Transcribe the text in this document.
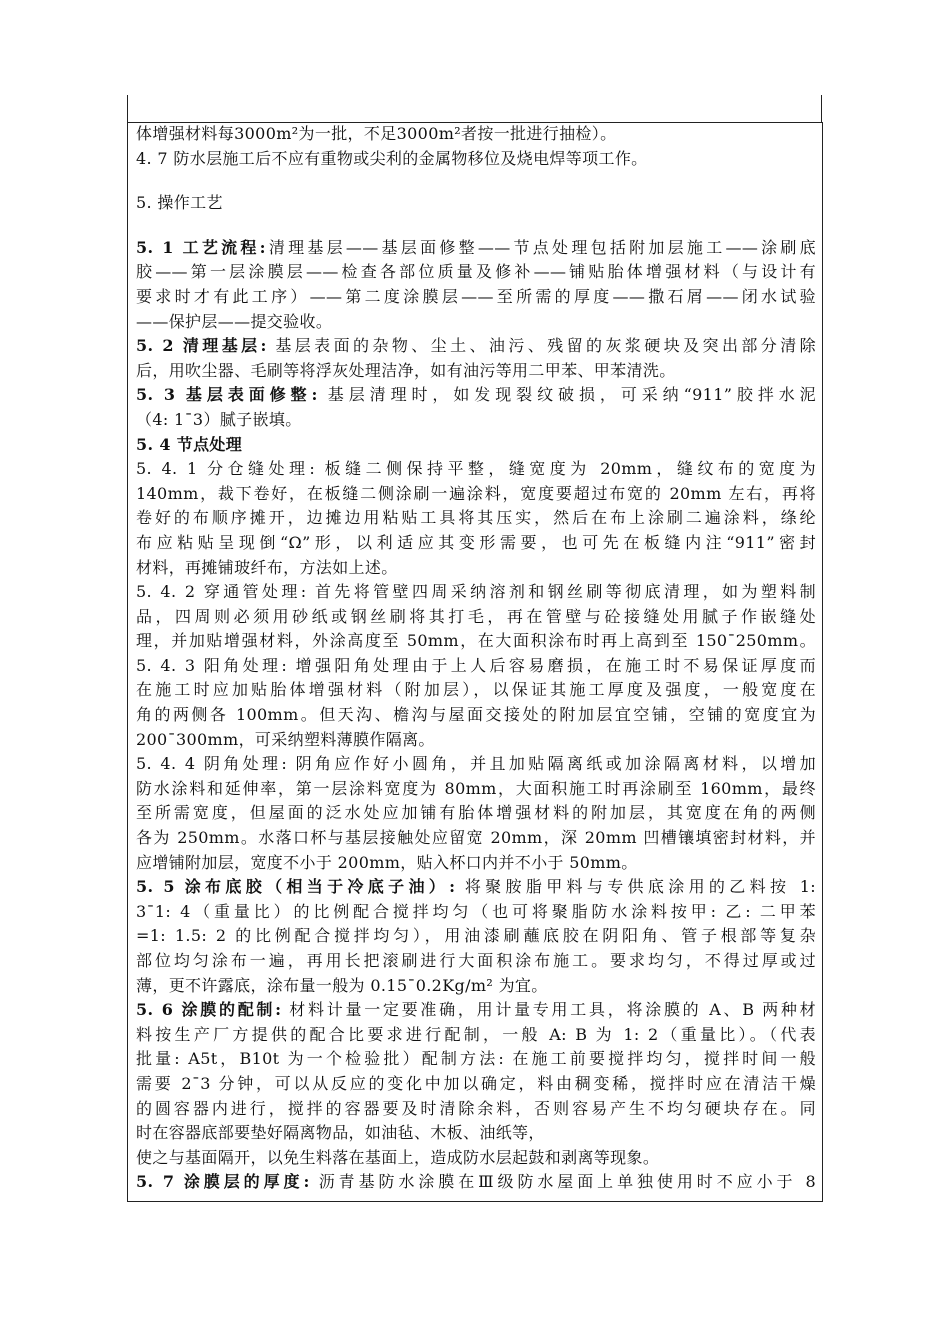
体增强材料每3000m²为一批，不足3000m²者按一批进行抽检）。
4. 7 防水层施工后不应有重物或尖利的金属物移位及烧电焊等项工作。
5. 操作工艺
5. 1 工艺流程:清理基层——基层面修整——节点处理包括附加层施工——涂刷底
胶——第一层涂膜层——检查各部位质量及修补——铺贴胎体增强材料（与设计有
要求时才有此工序）——第二度涂膜层——至所需的厚度——撒石屑——闭水试验
——保护层——提交验收。
5. 2 清理基层: 基层表面的杂物、尘土、油污、残留的灰浆硬块及突出部分清除
后，用吹尘器、毛刷等将浮灰处理洁净，如有油污等用二甲苯、甲苯清洗。
5. 3 基层表面修整: 基层清理时，如发现裂纹破损，可采纳“911”胶拌水泥
（4: 1¯3）腻子嵌填。
5. 4 节点处理
5. 4. 1 分仓缝处理: 板缝二侧保持平整，缝宽度为 20mm，缝纹布的宽度为
140mm，裁下卷好，在板缝二侧涂刷一遍涂料，宽度要超过布宽的 20mm 左右，再将
卷好的布顺序摊开，边摊边用粘贴工具将其压实，然后在布上涂刷二遍涂料，绦纶
布应粘贴呈现倒“Ω”形，以利适应其变形需要，也可先在板缝内注“911”密封
材料，再摊铺玻纤布，方法如上述。
5. 4. 2 穿通管处理: 首先将管壁四周采纳溶剂和钢丝刷等彻底清理，如为塑料制
品，四周则必须用砂纸或钢丝刷将其打毛，再在管壁与砼接缝处用腻子作嵌缝处
理，并加贴增强材料，外涂高度至 50mm，在大面积涂布时再上高到至 150¯250mm。
5. 4. 3 阳角处理: 增强阳角处理由于上人后容易磨损，在施工时不易保证厚度而
在施工时应加贴胎体增强材料（附加层），以保证其施工厚度及强度，一般宽度在
角的两侧各 100mm。但天沟、檐沟与屋面交接处的附加层宜空铺，空铺的宽度宜为
200¯300mm，可采纳塑料薄膜作隔离。
5. 4. 4 阴角处理: 阴角应作好小圆角，并且加贴隔离纸或加涂隔离材料，以增加
防水涂料和延伸率，第一层涂料宽度为 80mm，大面积施工时再涂刷至 160mm，最终
至所需宽度，但屋面的泛水处应加铺有胎体增强材料的附加层，其宽度在角的两侧
各为 250mm。水落口杯与基层接触处应留宽 20mm，深 20mm 凹槽镶填密封材料，并
应增铺附加层，宽度不小于 200mm，贴入杯口内并不小于 50mm。
5. 5 涂布底胶（相当于冷底子油）: 将聚胺脂甲料与专供底涂用的乙料按 1:
3¯1: 4（重量比）的比例配合搅拌均匀（也可将聚脂防水涂料按甲: 乙: 二甲苯
=1: 1.5: 2 的比例配合搅拌均匀），用油漆刷蘸底胶在阴阳角、管子根部等复杂
部位均匀涂布一遍，再用长把滚刷进行大面积涂布施工。要求均匀，不得过厚或过
薄，更不许露底，涂布量一般为 0.15¯0.2Kg/m² 为宜。
5. 6 涂膜的配制: 材料计量一定要准确，用计量专用工具，将涂膜的 A、B 两种材
料按生产厂方提供的配合比要求进行配制，一般 A: B 为 1: 2（重量比）。（代表
批量: A5t，B10t 为一个检验批）配制方法: 在施工前要搅拌均匀，搅拌时间一般
需要 2¯3 分钟，可以从反应的变化中加以确定，料由稠变稀，搅拌时应在清洁干燥
的圆容器内进行，搅拌的容器要及时清除余料，否则容易产生不均匀硬块存在。同
时在容器底部要垫好隔离物品，如油毡、木板、油纸等，
使之与基面隔开，以免生料落在基面上，造成防水层起鼓和剥离等现象。
5. 7 涂膜层的厚度: 沥青基防水涂膜在Ⅲ级防水屋面上单独使用时不应小于 8
